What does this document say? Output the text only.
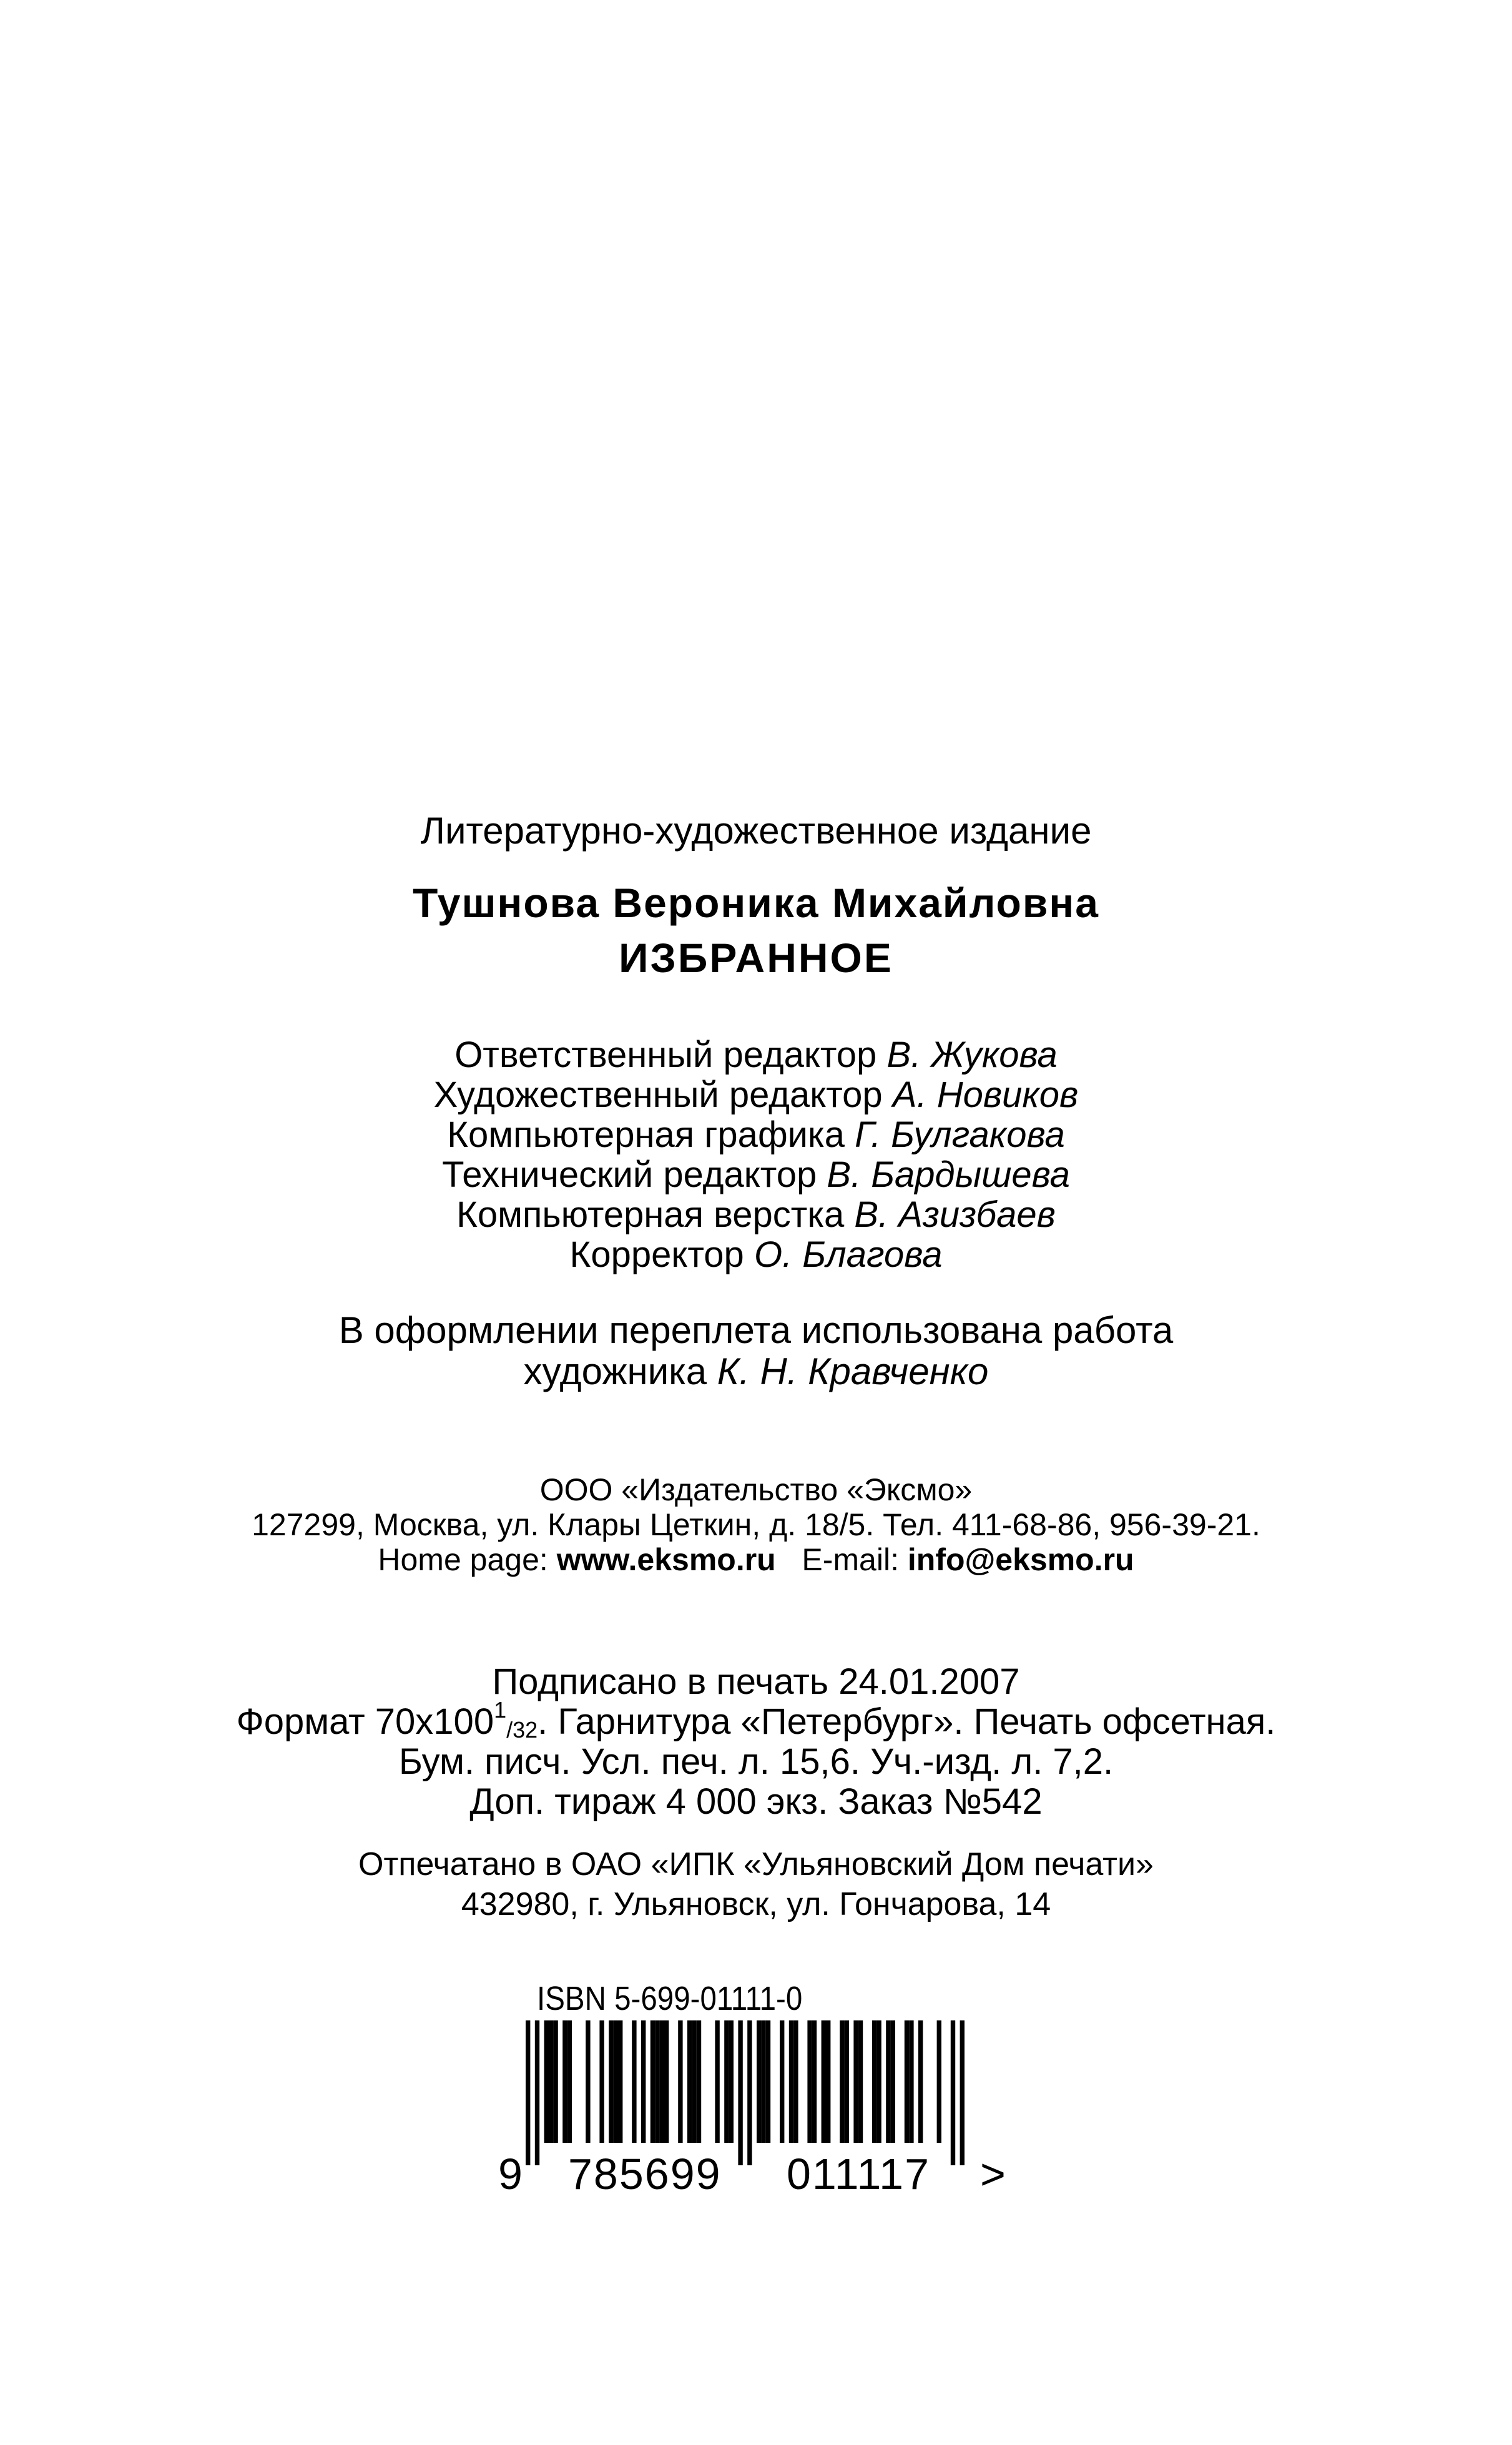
Литературно-художественное издание
Тушнова Вероника Михайловна
ИЗБРАННОЕ
Ответственный редактор В. Жукова
Художественный редактор А. Новиков
Компьютерная графика Г. Булгакова
Технический редактор В. Бардышева
Компьютерная верстка В. Азизбаев
Корректор О. Благова
В оформлении переплета использована работа
художника К. Н. Кравченко
ООО «Издательство «Эксмо»
127299, Москва, ул. Клары Цеткин, д. 18/5. Тел. 411-68-86, 956-39-21.
Home page: www.eksmo.ru E-mail: info@eksmo.ru
Подписано в печать 24.01.2007
Формат $70x100^1_{/32}$. Гарнитура «Петербург». Печать офсетная.
Бум. писч. Усл. печ. л. 15,6. Уч.-изд. л. 7,2.
Доп. тираж 4 000 экз. Заказ №542
Отпечатано в ОАО «ИПК «Ульяновский Дом печати»
432980, г. Ульяновск, ул. Гончарова, 14
ISBN 5-699-01111-0
9 785699 011117 >
